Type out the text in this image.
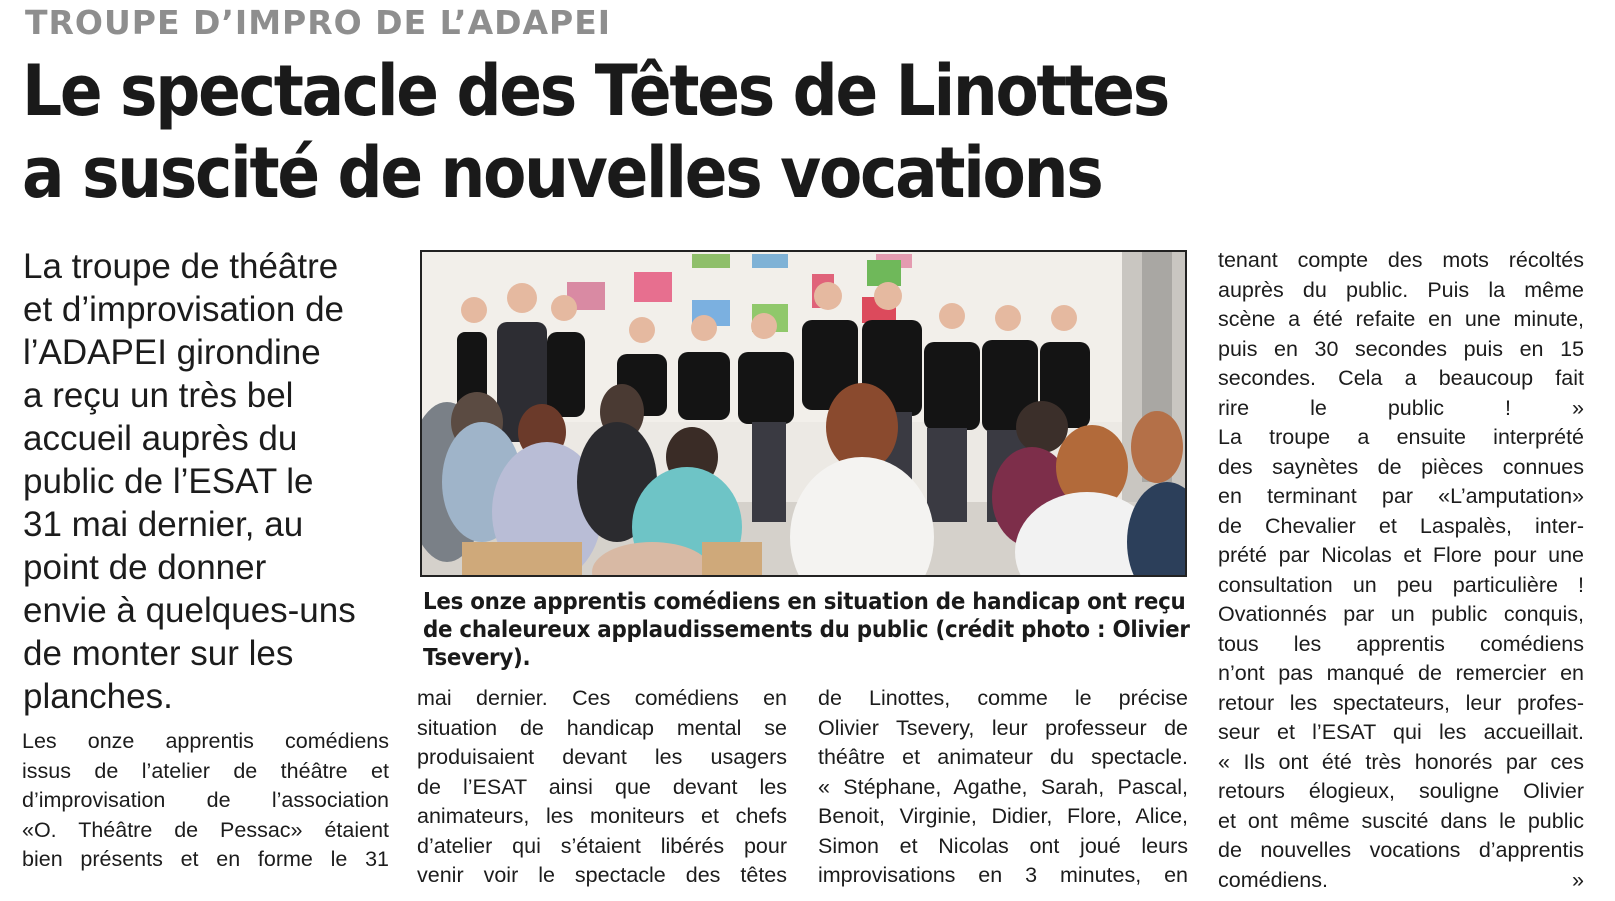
TROUPE D’IMPRO DE L’ADAPEI
Le spectacle des Têtes de Linottes
a suscité de nouvelles vocations
La troupe de théâtre
et d’improvisation de
l’ADAPEI girondine
a reçu un très bel
accueil auprès du
public de l’ESAT le
31 mai dernier, au
point de donner
envie à quelques-uns
de monter sur les
planches.
Les onze apprentis comédiens en situation de handicap ont reçu
de chaleureux applaudissements du public (crédit photo : Olivier
Tsevery).
Les onze apprentis comédiens
issus de l’atelier de théâtre et
d’improvisation de l’association
«O. Théâtre de Pessac» étaient
bien présents et en forme le 31
mai dernier. Ces comédiens en
situation de handicap mental se
produisaient devant les usagers
de l’ESAT ainsi que devant les
animateurs, les moniteurs et chefs
d’atelier qui s’étaient libérés pour
venir voir le spectacle des têtes
de Linottes, comme le précise
Olivier Tsevery, leur professeur de
théâtre et animateur du spectacle.
« Stéphane, Agathe, Sarah, Pascal,
Benoit, Virginie, Didier, Flore, Alice,
Simon et Nicolas ont joué leurs
improvisations en 3 minutes, en
tenant compte des mots récoltés
auprès du public. Puis la même
scène a été refaite en une minute,
puis en 30 secondes puis en 15
secondes. Cela a beaucoup fait
rire le public ! »
La troupe a ensuite interprété
des saynètes de pièces connues
en terminant par «L’amputation»
de Chevalier et Laspalès, inter-
prété par Nicolas et Flore pour une
consultation un peu particulière !
Ovationnés par un public conquis,
tous les apprentis comédiens
n’ont pas manqué de remercier en
retour les spectateurs, leur profes-
seur et l’ESAT qui les accueillait.
« Ils ont été très honorés par ces
retours élogieux, souligne Olivier
et ont même suscité dans le public
de nouvelles vocations d’apprentis
comédiens. »
